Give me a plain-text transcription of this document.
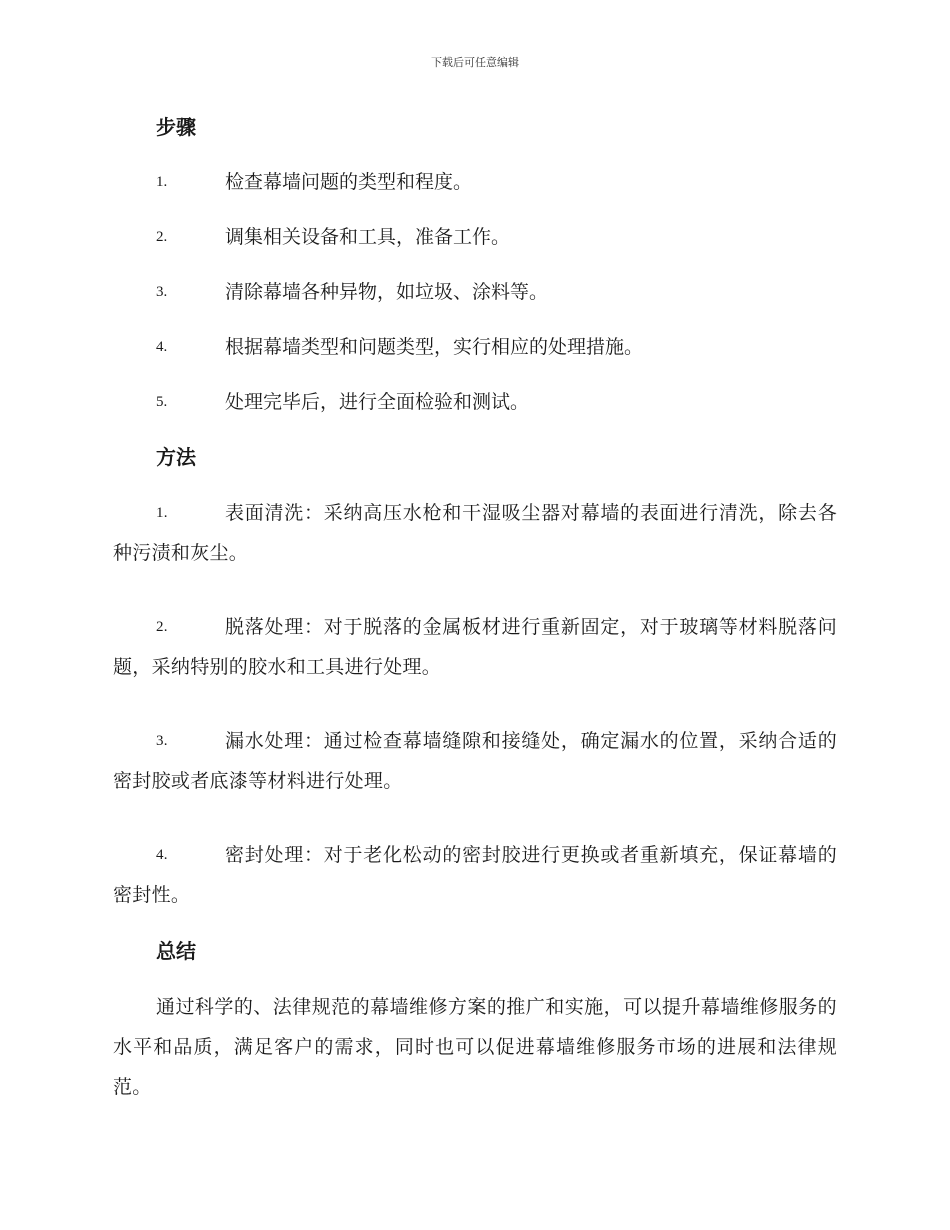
下载后可任意编辑
步骤
1.	检查幕墙问题的类型和程度。
2.	调集相关设备和工具，准备工作。
3.	清除幕墙各种异物，如垃圾、涂料等。
4.	根据幕墙类型和问题类型，实行相应的处理措施。
5.	处理完毕后，进行全面检验和测试。
方法
1.	表面清洗：采纳高压水枪和干湿吸尘器对幕墙的表面进行清洗，除去各种污渍和灰尘。
2.	脱落处理：对于脱落的金属板材进行重新固定，对于玻璃等材料脱落问题，采纳特别的胶水和工具进行处理。
3.	漏水处理：通过检查幕墙缝隙和接缝处，确定漏水的位置，采纳合适的密封胶或者底漆等材料进行处理。
4.	密封处理：对于老化松动的密封胶进行更换或者重新填充，保证幕墙的密封性。
总结

通过科学的、法律规范的幕墙维修方案的推广和实施，可以提升幕墙维修服务的水平和品质，满足客户的需求，同时也可以促进幕墙维修服务市场的进展和法律规范。
